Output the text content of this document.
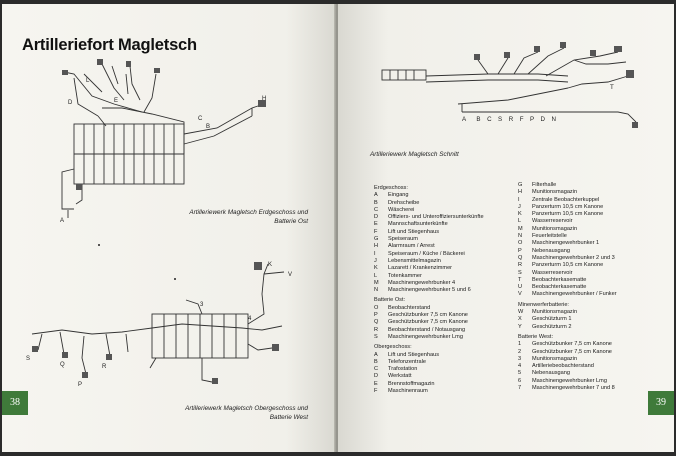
Artilleriefort Magletsch
A
H
D
L
E
C
B
Artilleriewerk Magletsch Erdgeschoss und
Batterie Ost
K
V
3
4
Q
P
R
S
Artilleriewerk Magletsch Obergeschoss und
Batterie West
38
A  B C S R F P D N
T
Artilleriewerk Magletsch Schnitt
Erdgeschoss:
A	Eingang
B	Drehscheibe
C	Wäscherei
D	Offiziers- und Unteroffiziersunterkünfte
E	Mannschaftsunterkünfte
F	Lift und Stiegenhaus
G	Speiseraum
H	Alarmraum / Arrest
I	Speiseraum / Küche / Bäckerei
J	Lebensmittelmagazin
K	Lazarett / Krankenzimmer
L	Totenkammer
M	Maschinengewehrbunker 4
N	Maschinengewehrbunker 5 und 6
Batterie Ost:
O	Beobachterstand
P	Geschützbunker 7,5 cm Kanone
Q	Geschützbunker 7,5 cm Kanone
R	Beobachterstand / Notausgang
S	Maschinengewehrbunker Lmg
Obergeschoss:
A	Lift und Stiegenhaus
B	Telefonzentrale
C	Trafostation
D	Werkstatt
E	Brennstoffmagazin
F	Maschinenraum
G	Filterhalle
H	Munitionsmagazin
I	Zentrale Beobachterkuppel
J	Panzerturm 10,5 cm Kanone
K	Panzerturm 10,5 cm Kanone
L	Wasserreservoir
M	Munitionsmagazin
N	Feuerleitstelle
O	Maschinengewehrbunker 1
P	Nebenausgang
Q	Maschinengewehrbunker 2 und 3
R	Panzerturm 10,5 cm Kanone
S	Wasserreservoir
T	Beobachterkasematte
U	Beobachterkasematte
V	Maschinengewehrbunker / Funker
Minenwerferbatterie:
W	Munitionsmagazin
X	Geschützturm 1
Y	Geschützturm 2
Batterie West:
1	Geschützbunker 7,5 cm Kanone
2	Geschützbunker 7,5 cm Kanone
3	Munitionsmagazin
4	Artilleriebeobachterstand
5	Nebenausgang
6	Maschinengewehrbunker Lmg
7	Maschinengewehrbunker 7 und 8
39
